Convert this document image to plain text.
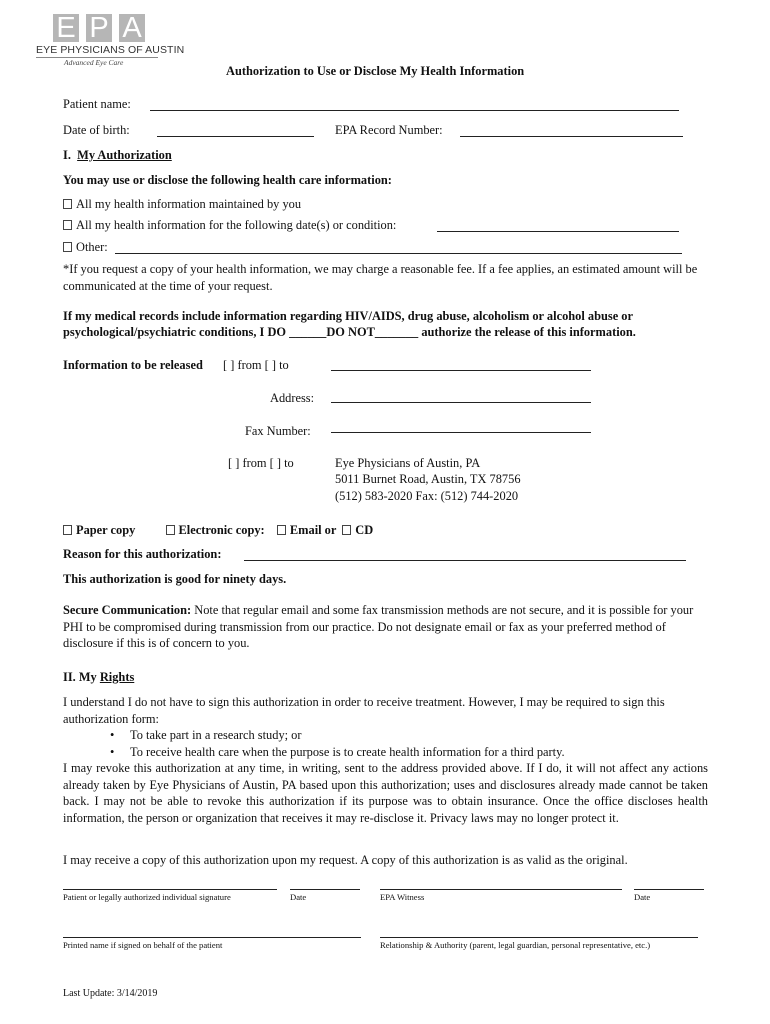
E P A
EYE PHYSICIANS OF AUSTIN
Advanced Eye Care
Authorization to Use or Disclose My Health Information
Patient name:
Date of birth:	EPA Record Number:
I. My Authorization
You may use or disclose the following health care information:
All my health information maintained by you
All my health information for the following date(s) or condition:
Other:
*If you request a copy of your health information, we may charge a reasonable fee. If a fee applies, an estimated amount will be communicated at the time of your request.
If my medical records include information regarding HIV/AIDS, drug abuse, alcoholism or alcohol abuse or
psychological/psychiatric conditions, I DO ______DO NOT_______ authorize the release of this information.
Information to be released [ ] from [ ] to
Address:
Fax Number:
[ ] from [ ] to	Eye Physicians of Austin, PA
5011 Burnet Road, Austin, TX 78756
(512) 583-2020 Fax: (512) 744-2020
Paper copy	Electronic copy: Email or CD
Reason for this authorization:
This authorization is good for ninety days.
Secure Communication: Note that regular email and some fax transmission methods are not secure, and it is possible for your PHI to be compromised during transmission from our practice. Do not designate email or fax as your preferred method of disclosure if this is of concern to you.
II. My Rights
I understand I do not have to sign this authorization in order to receive treatment. However, I may be required to sign this authorization form:
• To take part in a research study; or
• To receive health care when the purpose is to create health information for a third party.
I may revoke this authorization at any time, in writing, sent to the address provided above. If I do, it will not affect any actions already taken by Eye Physicians of Austin, PA based upon this authorization; uses and disclosures already made cannot be taken back. I may not be able to revoke this authorization if its purpose was to obtain insurance. Once the office discloses health information, the person or organization that receives it may re-disclose it. Privacy laws may no longer protect it.
I may receive a copy of this authorization upon my request. A copy of this authorization is as valid as the original.
Patient or legally authorized individual signature	Date	EPA Witness	Date
Printed name if signed on behalf of the patient	Relationship & Authority (parent, legal guardian, personal representative, etc.)
Last Update: 3/14/2019
